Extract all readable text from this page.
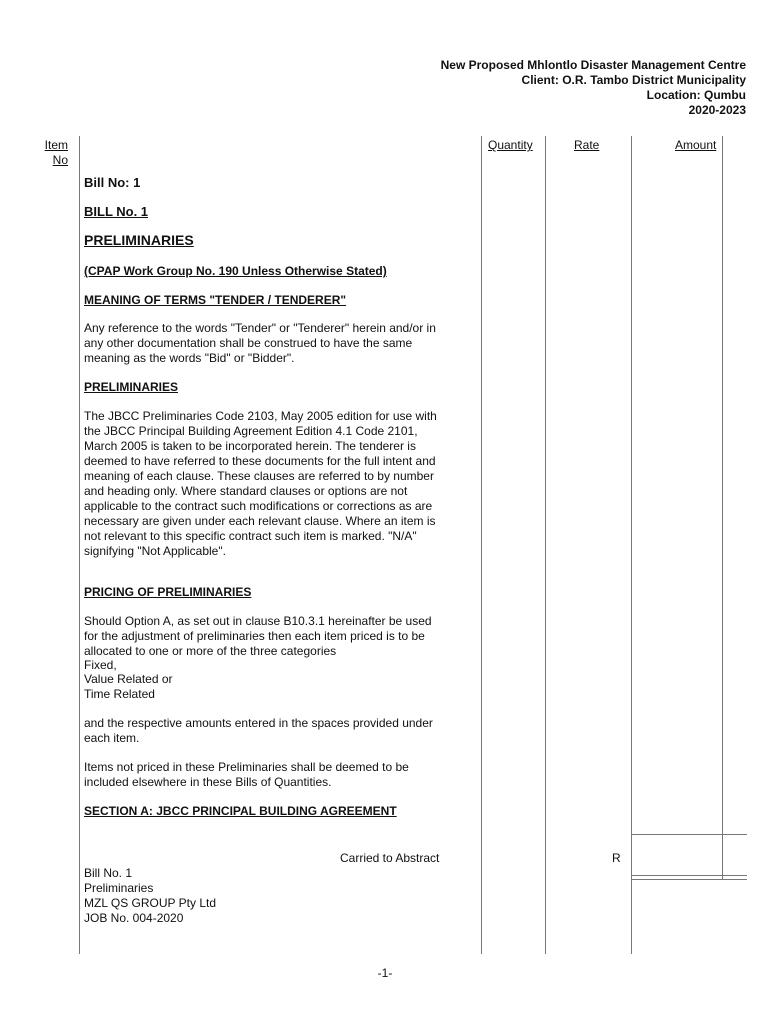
New Proposed Mhlontlo Disaster Management Centre
Client: O.R. Tambo District Municipality
Location: Qumbu
2020-2023
Item
No
Quantity	Rate	Amount
Bill No: 1
BILL No. 1
PRELIMINARIES
(CPAP Work Group No. 190 Unless Otherwise Stated)
MEANING OF TERMS "TENDER / TENDERER"
Any reference to the words "Tender" or "Tenderer" herein and/or in any other documentation shall be construed to have the same meaning as the words "Bid" or "Bidder".
PRELIMINARIES
The JBCC Preliminaries Code 2103, May 2005 edition for use with the JBCC Principal Building Agreement Edition 4.1 Code 2101, March 2005 is taken to be incorporated herein. The tenderer is deemed to have referred to these documents for the full intent and meaning of each clause. These clauses are referred to by number and heading only. Where standard clauses or options are not applicable to the contract such modifications or corrections as are necessary are given under each relevant clause. Where an item is not relevant to this specific contract such item is marked. "N/A" signifying "Not Applicable".
PRICING OF PRELIMINARIES
Should Option A, as set out in clause B10.3.1 hereinafter be used for the adjustment of preliminaries then each item priced is to be allocated to one or more of the three categories
Fixed,
Value Related or
Time Related
and the respective amounts entered in the spaces provided under each item.
Items not priced in these Preliminaries shall be deemed to be included elsewhere in these Bills of Quantities.
SECTION A: JBCC PRINCIPAL BUILDING AGREEMENT
Carried to Abstract	R
Bill No. 1
Preliminaries
MZL QS GROUP Pty Ltd
JOB No. 004-2020
-1-
